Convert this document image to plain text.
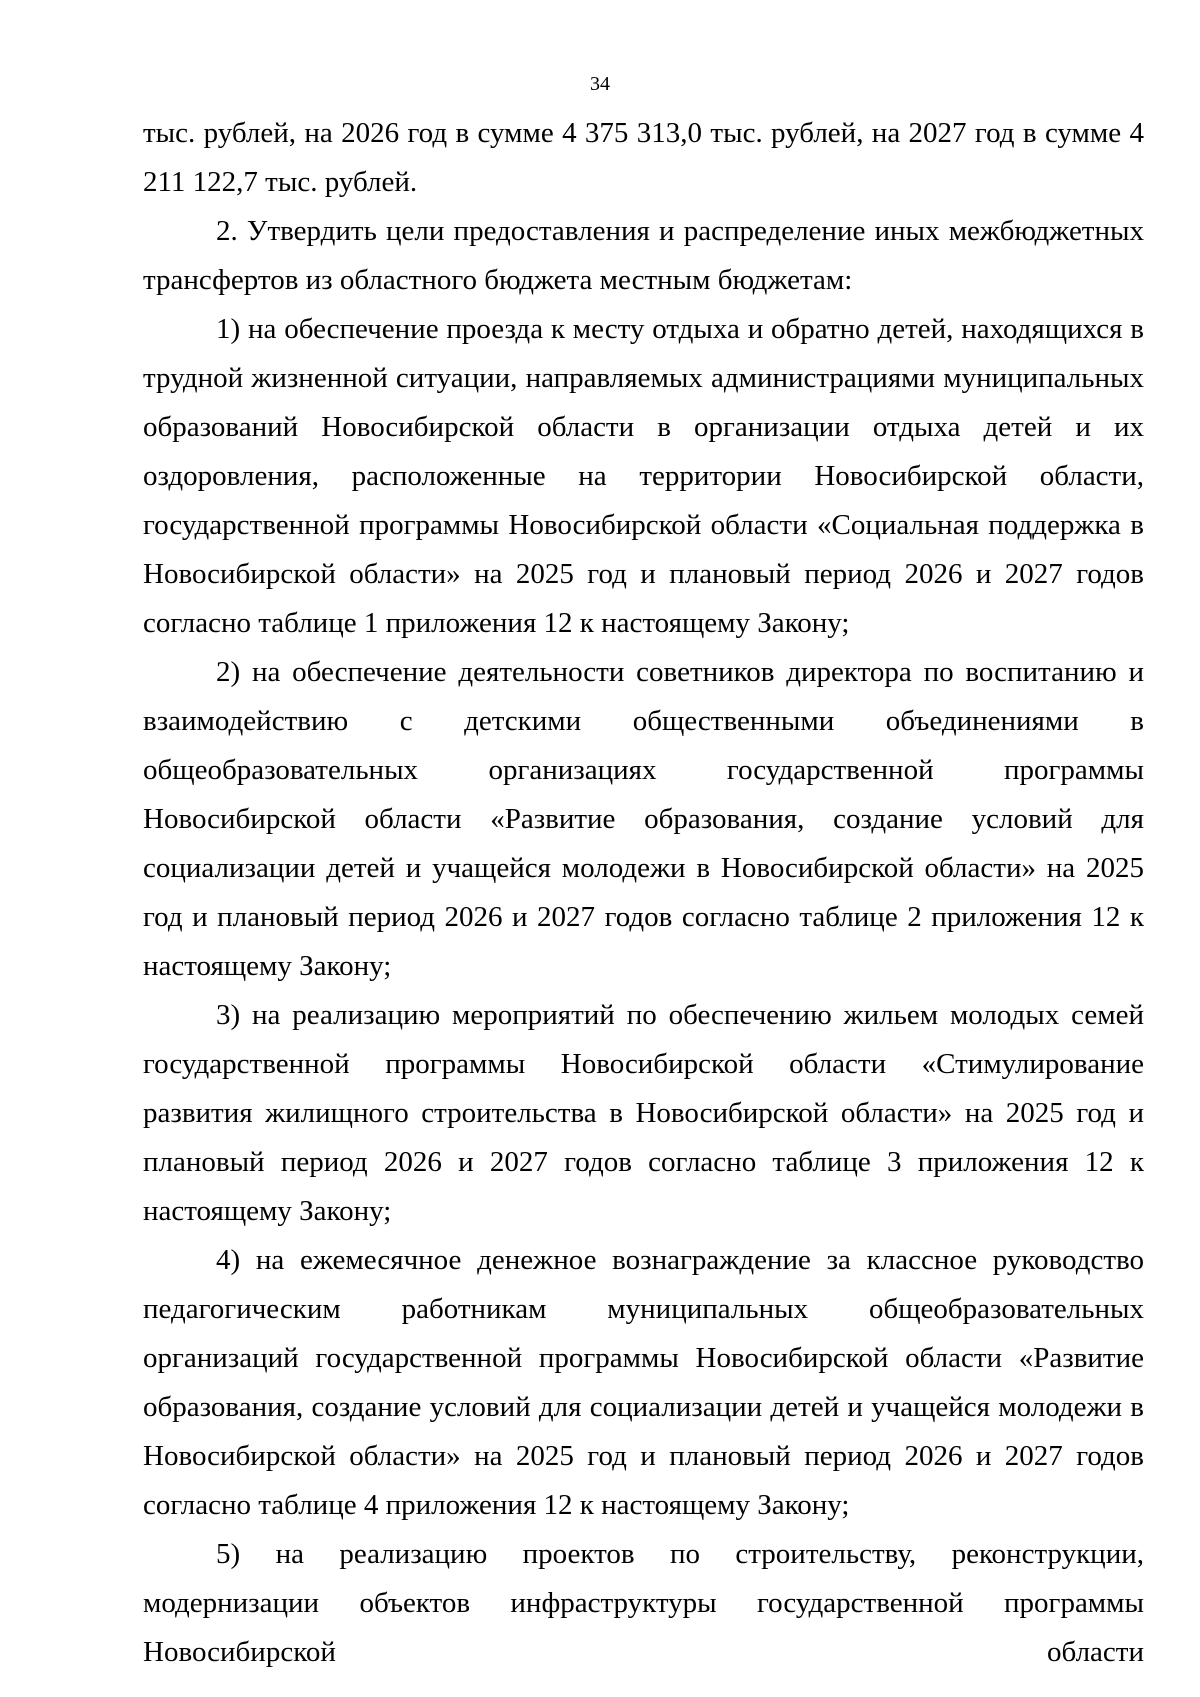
34

тыс. рублей, на 2026 год в сумме 4 375 313,0 тыс. рублей, на 2027 год в сумме 4 211 122,7 тыс. рублей.

2. Утвердить цели предоставления и распределение иных межбюджетных трансфертов из областного бюджета местным бюджетам:

1) на обеспечение проезда к месту отдыха и обратно детей, находящихся в трудной жизненной ситуации, направляемых администрациями муниципальных образований Новосибирской области в организации отдыха детей и их оздоровления, расположенные на территории Новосибирской области, государственной программы Новосибирской области «Социальная поддержка в Новосибирской области» на 2025 год и плановый период 2026 и 2027 годов согласно таблице 1 приложения 12 к настоящему Закону;

2) на обеспечение деятельности советников директора по воспитанию и взаимодействию с детскими общественными объединениями в общеобразовательных организациях государственной программы Новосибирской области «Развитие образования, создание условий для социализации детей и учащейся молодежи в Новосибирской области» на 2025 год и плановый период 2026 и 2027 годов согласно таблице 2 приложения 12 к настоящему Закону;

3) на реализацию мероприятий по обеспечению жильем молодых семей государственной программы Новосибирской области «Стимулирование развития жилищного строительства в Новосибирской области» на 2025 год и плановый период 2026 и 2027 годов согласно таблице 3 приложения 12 к настоящему Закону;

4) на ежемесячное денежное вознаграждение за классное руководство педагогическим работникам муниципальных общеобразовательных организаций государственной программы Новосибирской области «Развитие образования, создание условий для социализации детей и учащейся молодежи в Новосибирской области» на 2025 год и плановый период 2026 и 2027 годов согласно таблице 4 приложения 12 к настоящему Закону;

5) на реализацию проектов по строительству, реконструкции, модернизации объектов инфраструктуры государственной программы Новосибирской области
